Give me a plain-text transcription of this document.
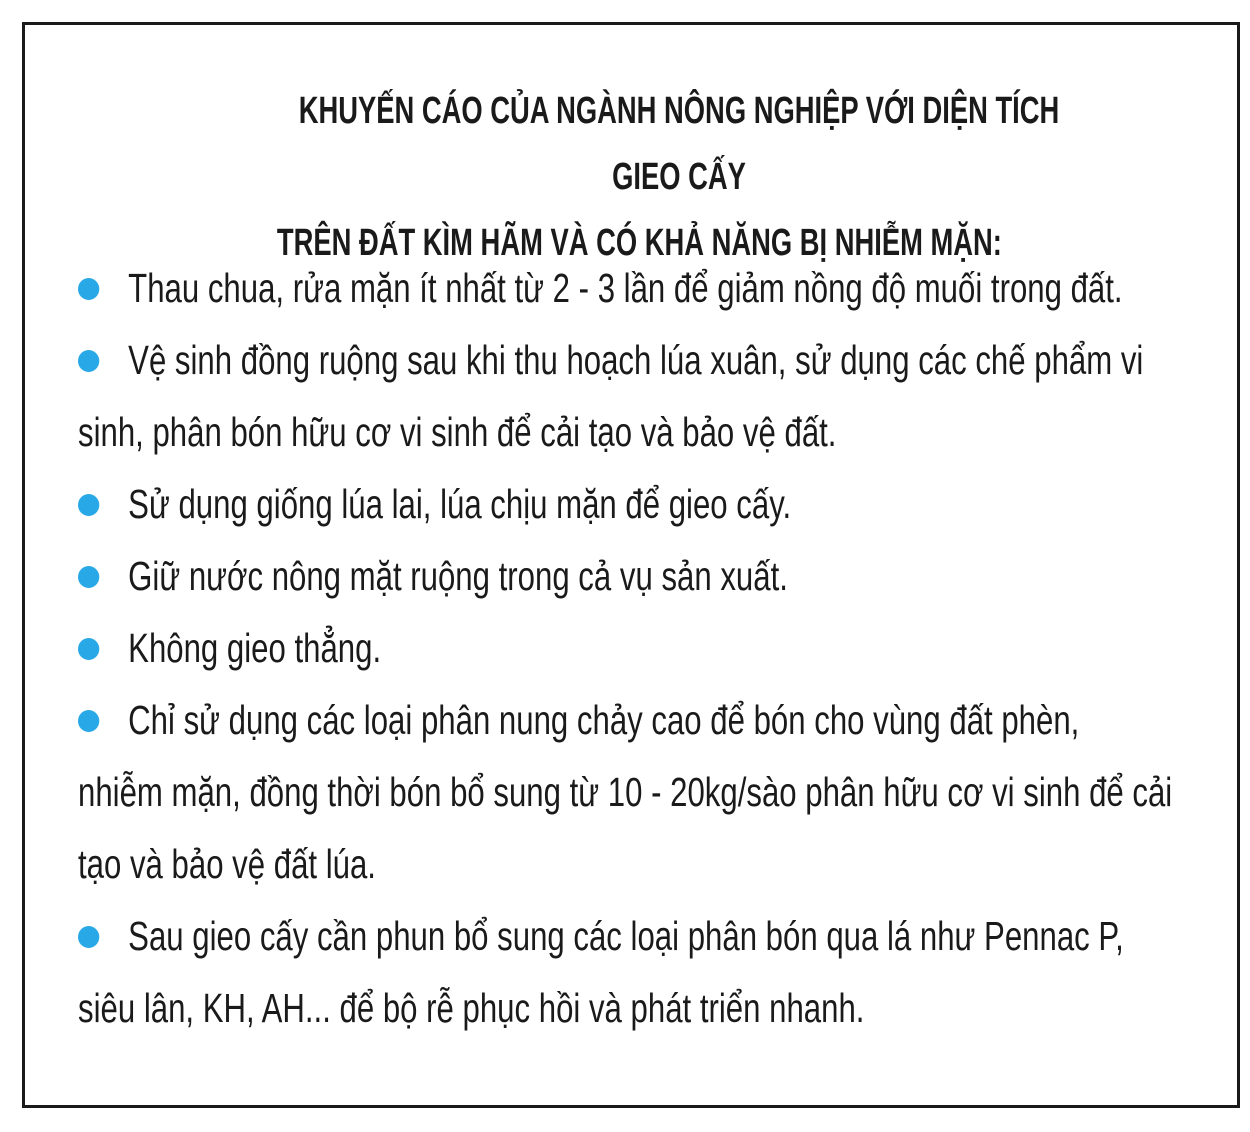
KHUYẾN CÁO CỦA NGÀNH NÔNG NGHIỆP VỚI DIỆN TÍCH GIEO CẤY
TRÊN ĐẤT KÌM HÃM VÀ CÓ KHẢ NĂNG BỊ NHIỄM MẶN:
Thau chua, rửa mặn ít nhất từ 2 - 3 lần để giảm nồng độ muối trong đất.
Vệ sinh đồng ruộng sau khi thu hoạch lúa xuân, sử dụng các chế phẩm vi sinh, phân bón hữu cơ vi sinh để cải tạo và bảo vệ đất.
Sử dụng giống lúa lai, lúa chịu mặn để gieo cấy.
Giữ nước nông mặt ruộng trong cả vụ sản xuất.
Không gieo thẳng.
Chỉ sử dụng các loại phân nung chảy cao để bón cho vùng đất phèn, nhiễm mặn, đồng thời bón bổ sung từ 10 - 20kg/sào phân hữu cơ vi sinh để cải tạo và bảo vệ đất lúa.
Sau gieo cấy cần phun bổ sung các loại phân bón qua lá như Pennac P, siêu lân, KH, AH... để bộ rễ phục hồi và phát triển nhanh.
